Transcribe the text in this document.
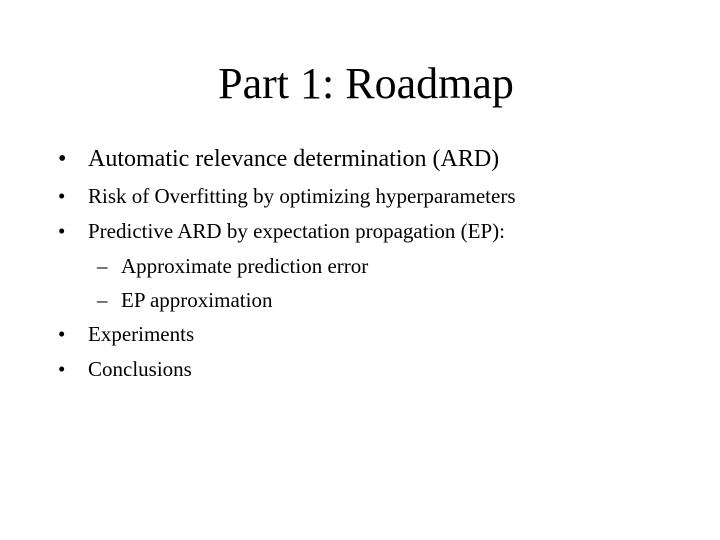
Part 1: Roadmap
• Automatic relevance determination (ARD)
• Risk of Overfitting by optimizing hyperparameters
• Predictive ARD by expectation propagation (EP):
– Approximate prediction error
– EP approximation
• Experiments
• Conclusions
